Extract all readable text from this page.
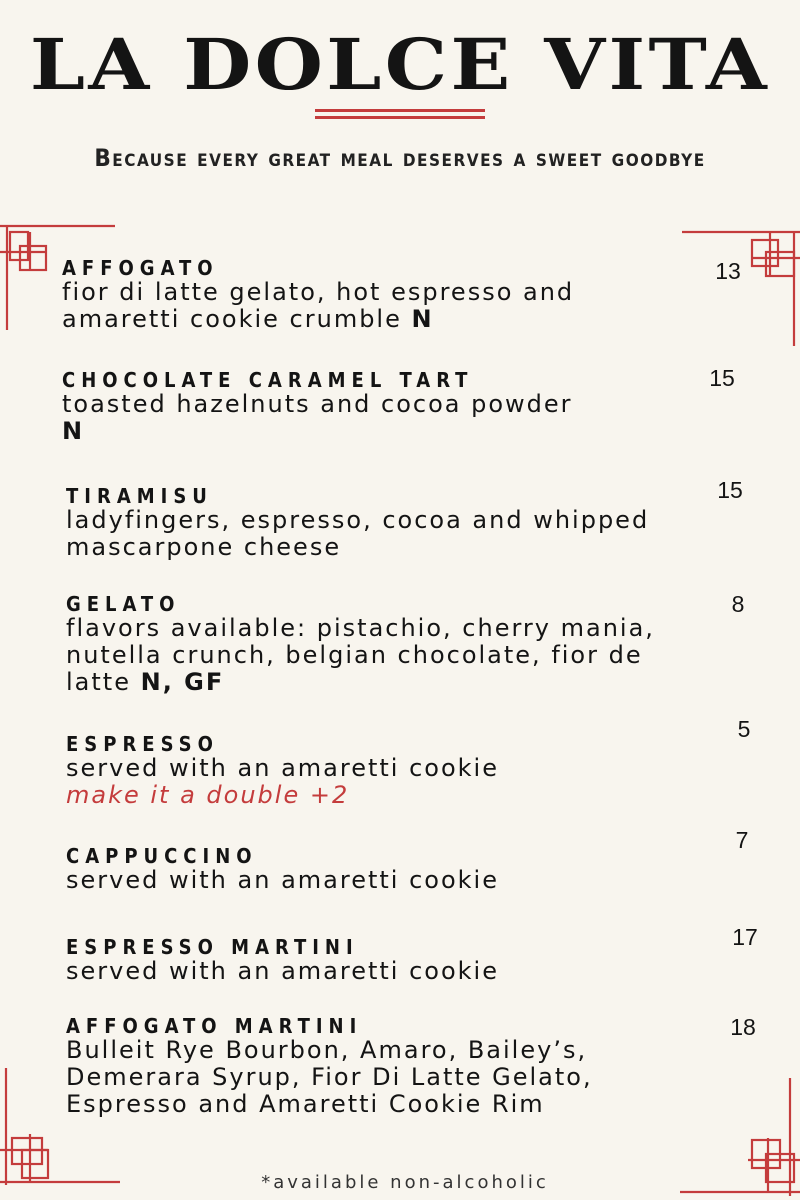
LA DOLCE VITA
Because every great meal deserves a sweet goodbye
AFFOGATO
fior di latte gelato, hot espresso and amaretti cookie crumble N
13
CHOCOLATE CARAMEL TART
toasted hazelnuts and cocoa powder N
15
TIRAMISU
ladyfingers, espresso, cocoa and whipped mascarpone cheese
15
GELATO
flavors available: pistachio, cherry mania, nutella crunch, belgian chocolate, fior de latte N, GF
8
ESPRESSO
served with an amaretti cookie
make it a double +2
5
CAPPUCCINO
served with an amaretti cookie
7
ESPRESSO MARTINI
served with an amaretti cookie
17
AFFOGATO MARTINI
Bulleit Rye Bourbon, Amaro, Bailey’s, Demerara Syrup, Fior Di Latte Gelato, Espresso and Amaretti Cookie Rim
18
*available non-alcoholic
